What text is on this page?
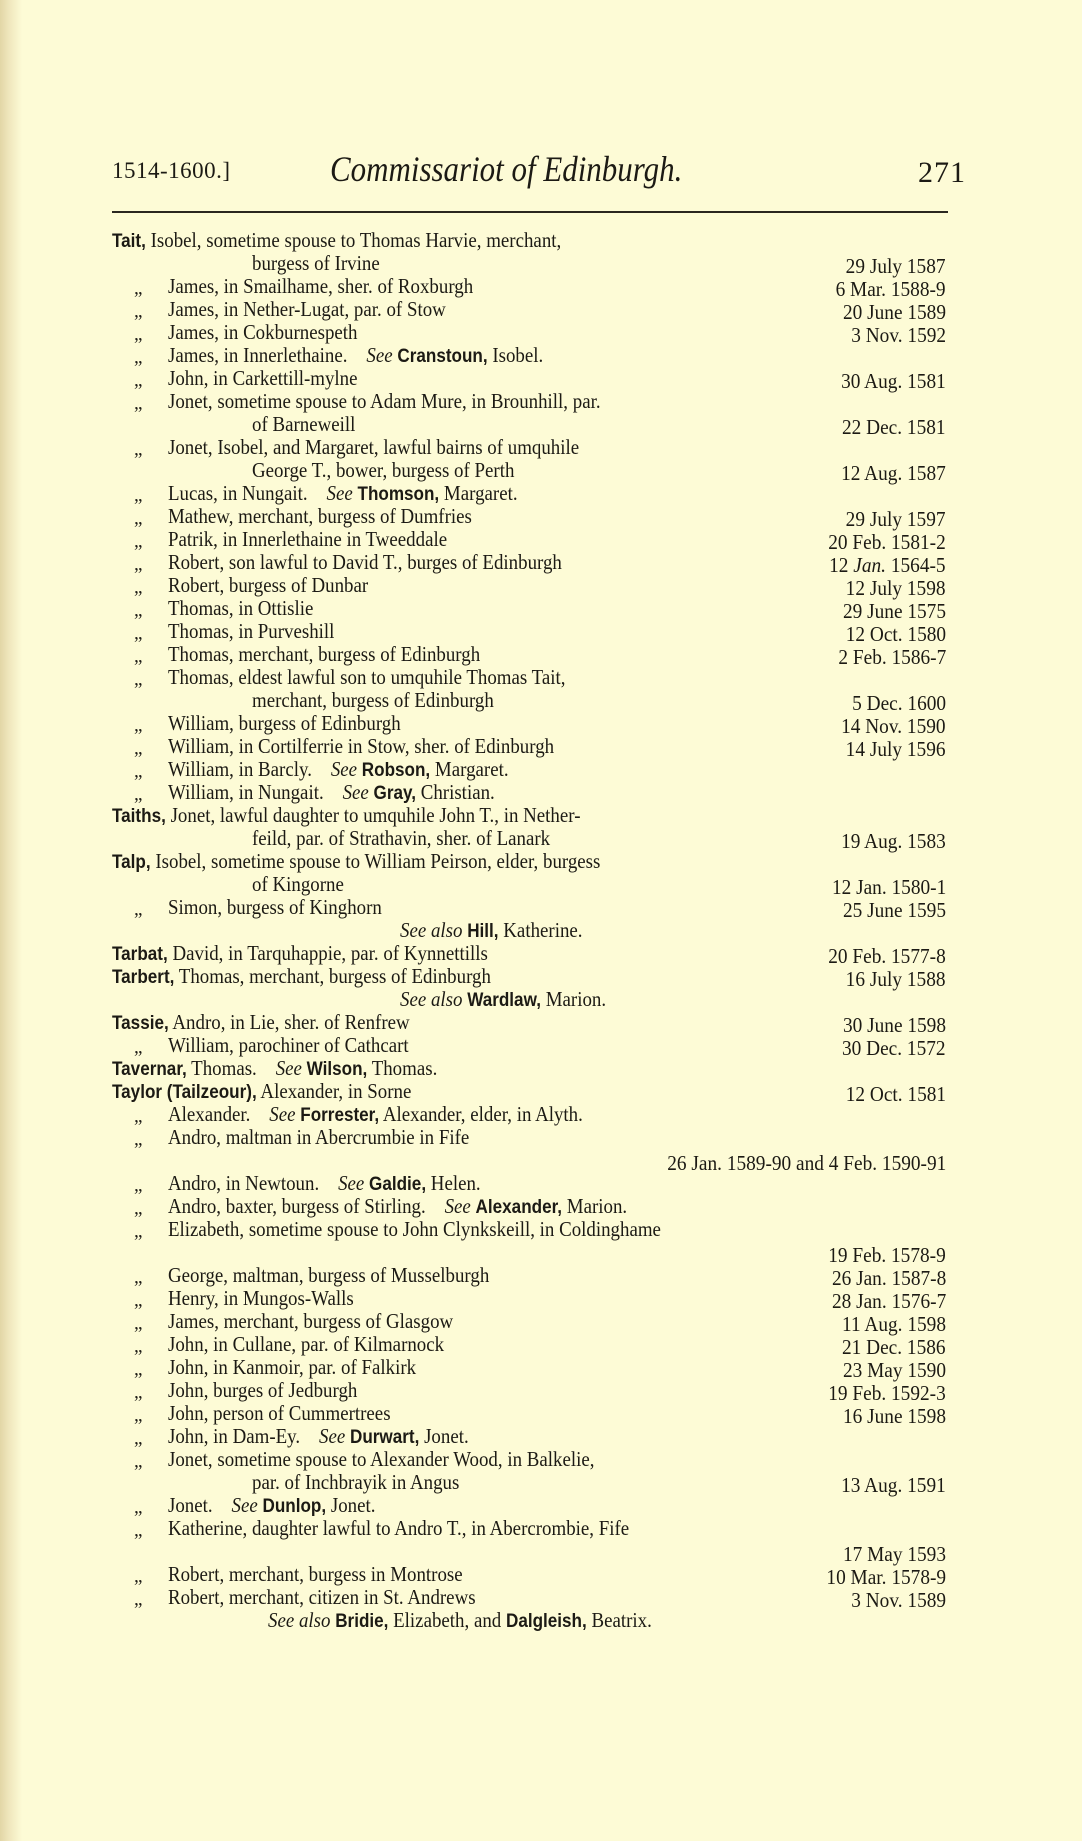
1514-1600.]	Commissariot of Edinburgh.	271
Tait, Isobel, sometime spouse to Thomas Harvie, merchant,
burgess of Irvine	29 July 1587
„ James, in Smailhame, sher. of Roxburgh	6 Mar. 1588-9
„ James, in Nether-Lugat, par. of Stow	20 June 1589
„ James, in Cokburnespeth	3 Nov. 1592
„ James, in Innerlethaine.  See Cranstoun, Isobel.
„ John, in Carkettill-mylne	30 Aug. 1581
„ Jonet, sometime spouse to Adam Mure, in Brounhill, par.
of Barneweill	22 Dec. 1581
„ Jonet, Isobel, and Margaret, lawful bairns of umquhile
George T., bower, burgess of Perth	12 Aug. 1587
„ Lucas, in Nungait.  See Thomson, Margaret.
„ Mathew, merchant, burgess of Dumfries	29 July 1597
„ Patrik, in Innerlethaine in Tweeddale	20 Feb. 1581-2
„ Robert, son lawful to David T., burges of Edinburgh	12 Jan. 1564-5
„ Robert, burgess of Dunbar	12 July 1598
„ Thomas, in Ottislie	29 June 1575
„ Thomas, in Purveshill	12 Oct. 1580
„ Thomas, merchant, burgess of Edinburgh	2 Feb. 1586-7
„ Thomas, eldest lawful son to umquhile Thomas Tait,
merchant, burgess of Edinburgh	5 Dec. 1600
„ William, burgess of Edinburgh	14 Nov. 1590
„ William, in Cortilferrie in Stow, sher. of Edinburgh	14 July 1596
„ William, in Barcly.  See Robson, Margaret.
„ William, in Nungait.  See Gray, Christian.
Taiths, Jonet, lawful daughter to umquhile John T., in Nether-
feild, par. of Strathavin, sher. of Lanark	19 Aug. 1583
Talp, Isobel, sometime spouse to William Peirson, elder, burgess
of Kingorne	12 Jan. 1580-1
„ Simon, burgess of Kinghorn	25 June 1595
See also Hill, Katherine.
Tarbat, David, in Tarquhappie, par. of Kynnettills	20 Feb. 1577-8
Tarbert, Thomas, merchant, burgess of Edinburgh	16 July 1588
See also Wardlaw, Marion.
Tassie, Andro, in Lie, sher. of Renfrew	30 June 1598
„ William, parochiner of Cathcart	30 Dec. 1572
Tavernar, Thomas.  See Wilson, Thomas.
Taylor (Tailzeour), Alexander, in Sorne	12 Oct. 1581
„ Alexander.  See Forrester, Alexander, elder, in Alyth.
„ Andro, maltman in Abercrumbie in Fife
26 Jan. 1589-90 and 4 Feb. 1590-91
„ Andro, in Newtoun.  See Galdie, Helen.
„ Andro, baxter, burgess of Stirling.  See Alexander, Marion.
„ Elizabeth, sometime spouse to John Clynkskeill, in Coldinghame
19 Feb. 1578-9
„ George, maltman, burgess of Musselburgh	26 Jan. 1587-8
„ Henry, in Mungos-Walls	28 Jan. 1576-7
„ James, merchant, burgess of Glasgow	11 Aug. 1598
„ John, in Cullane, par. of Kilmarnock	21 Dec. 1586
„ John, in Kanmoir, par. of Falkirk	23 May 1590
„ John, burges of Jedburgh	19 Feb. 1592-3
„ John, person of Cummertrees	16 June 1598
„ John, in Dam-Ey.  See Durwart, Jonet.
„ Jonet, sometime spouse to Alexander Wood, in Balkelie,
par. of Inchbrayik in Angus	13 Aug. 1591
„ Jonet.  See Dunlop, Jonet.
„ Katherine, daughter lawful to Andro T., in Abercrombie, Fife
17 May 1593
„ Robert, merchant, burgess in Montrose	10 Mar. 1578-9
„ Robert, merchant, citizen in St. Andrews	3 Nov. 1589
See also Bridie, Elizabeth, and Dalgleish, Beatrix.
